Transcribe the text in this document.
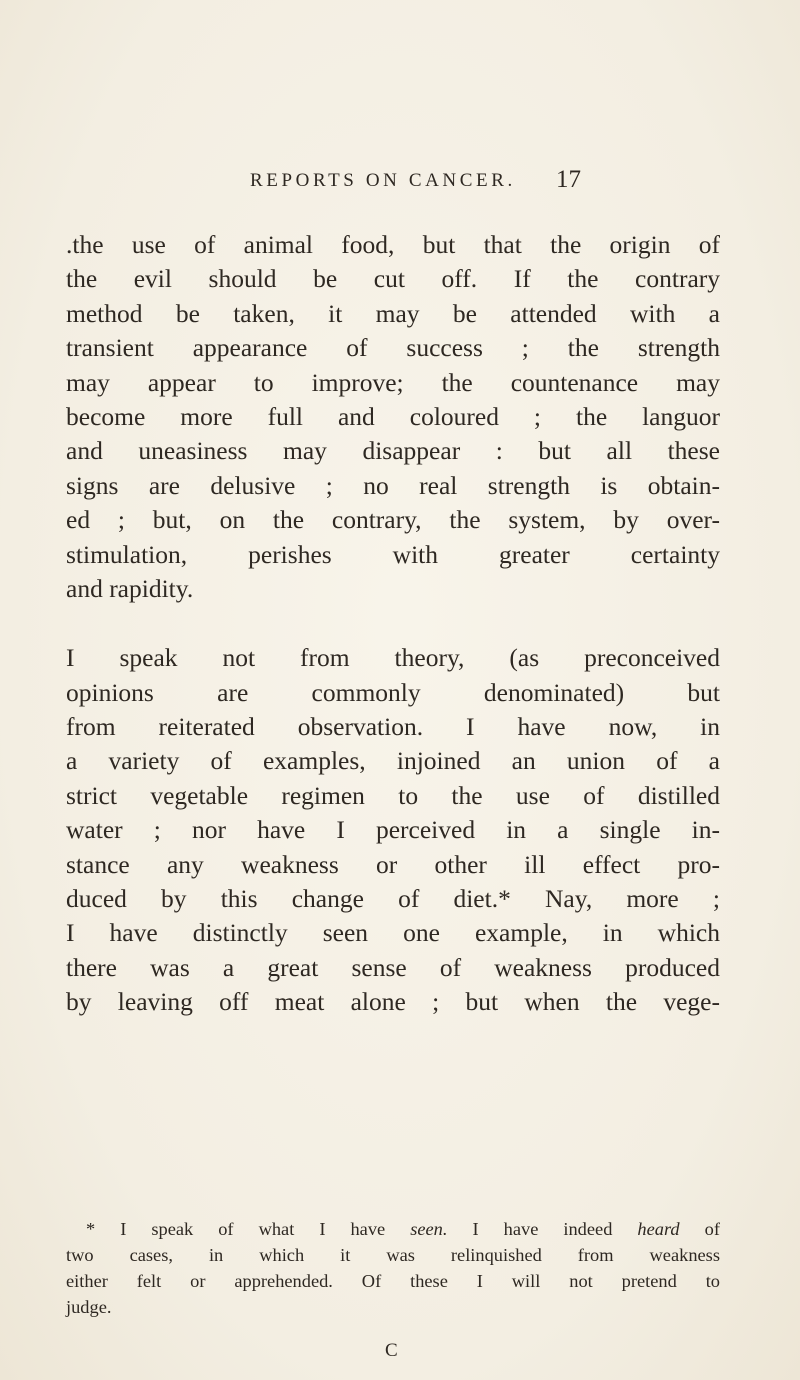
REPORTS ON CANCER. 17
.the use of animal food, but that the origin of
the evil should be cut off. If the contrary
method be taken, it may be attended with a
transient appearance of success ; the strength
may appear to improve; the countenance may
become more full and coloured ; the languor
and uneasiness may disappear : but all these
signs are delusive ; no real strength is obtain-
ed ; but, on the contrary, the system, by over-
stimulation, perishes with greater certainty
and rapidity.
I speak not from theory, (as preconceived
opinions are commonly denominated) but
from reiterated observation. I have now, in
a variety of examples, injoined an union of a
strict vegetable regimen to the use of distilled
water ; nor have I perceived in a single in-
stance any weakness or other ill effect pro-
duced by this change of diet.* Nay, more ;
I have distinctly seen one example, in which
there was a great sense of weakness produced
by leaving off meat alone ; but when the vege-
* I speak of what I have seen. I have indeed heard of
two cases, in which it was relinquished from weakness
either felt or apprehended. Of these I will not pretend to
judge.
C
